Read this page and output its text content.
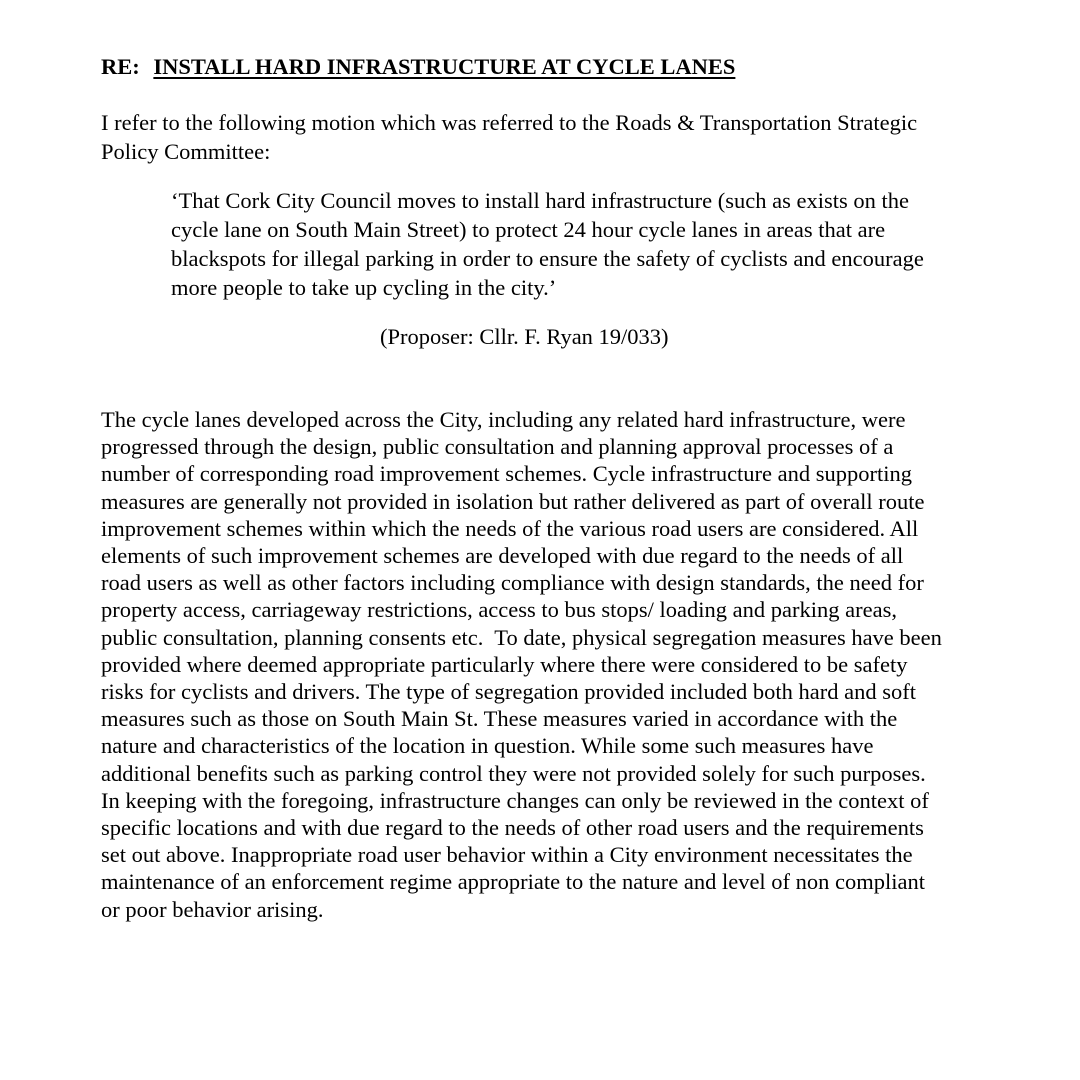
RE: INSTALL HARD INFRASTRUCTURE AT CYCLE LANES
I refer to the following motion which was referred to the Roads & Transportation Strategic
Policy Committee:
‘That Cork City Council moves to install hard infrastructure (such as exists on the
cycle lane on South Main Street) to protect 24 hour cycle lanes in areas that are
blackspots for illegal parking in order to ensure the safety of cyclists and encourage
more people to take up cycling in the city.’
(Proposer: Cllr. F. Ryan 19/033)
The cycle lanes developed across the City, including any related hard infrastructure, were
progressed through the design, public consultation and planning approval processes of a
number of corresponding road improvement schemes. Cycle infrastructure and supporting
measures are generally not provided in isolation but rather delivered as part of overall route
improvement schemes within which the needs of the various road users are considered. All
elements of such improvement schemes are developed with due regard to the needs of all
road users as well as other factors including compliance with design standards, the need for
property access, carriageway restrictions, access to bus stops/ loading and parking areas,
public consultation, planning consents etc.  To date, physical segregation measures have been
provided where deemed appropriate particularly where there were considered to be safety
risks for cyclists and drivers. The type of segregation provided included both hard and soft
measures such as those on South Main St. These measures varied in accordance with the
nature and characteristics of the location in question. While some such measures have
additional benefits such as parking control they were not provided solely for such purposes.
In keeping with the foregoing, infrastructure changes can only be reviewed in the context of
specific locations and with due regard to the needs of other road users and the requirements
set out above. Inappropriate road user behavior within a City environment necessitates the
maintenance of an enforcement regime appropriate to the nature and level of non compliant
or poor behavior arising.
